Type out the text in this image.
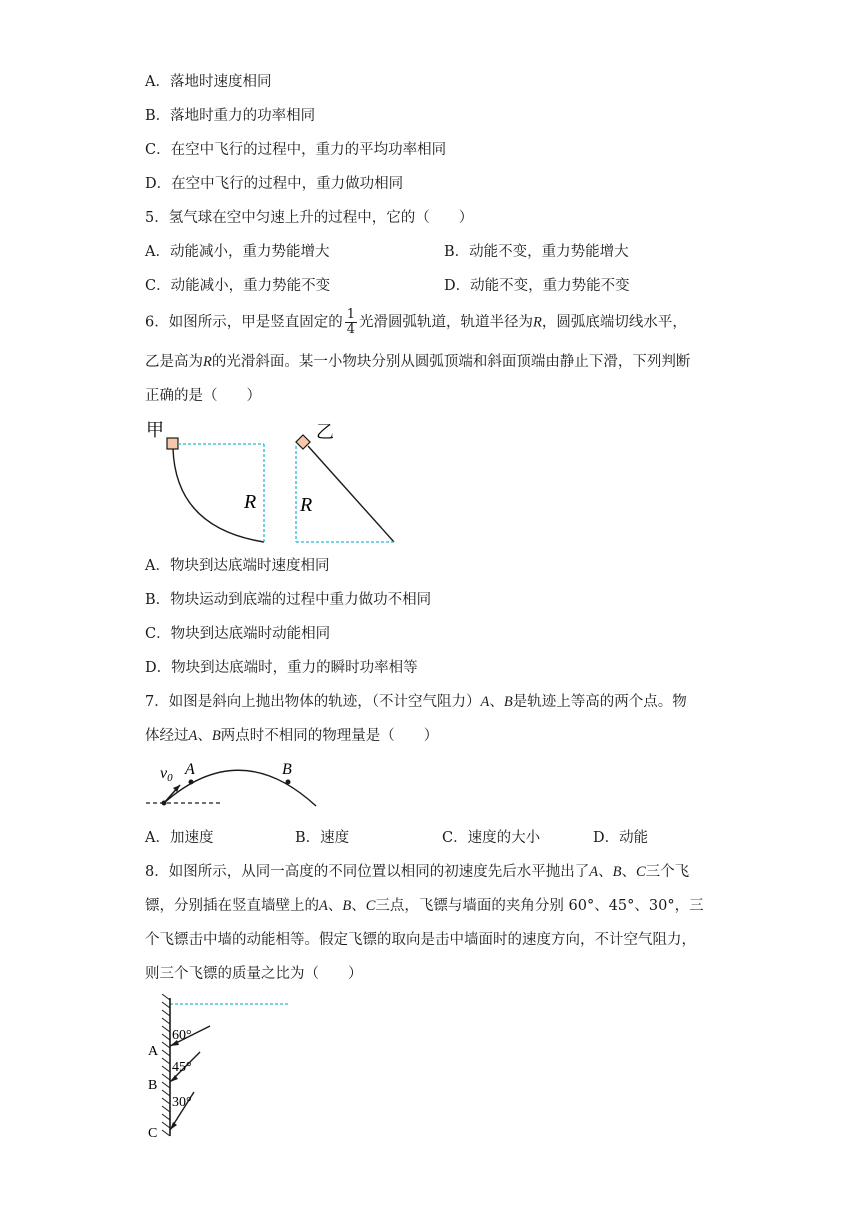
A．落地时速度相同
B．落地时重力的功率相同
C．在空中飞行的过程中，重力的平均功率相同
D．在空中飞行的过程中，重力做功相同
5．氢气球在空中匀速上升的过程中，它的（　　）
A．动能减小，重力势能增大	B．动能不变，重力势能增大
C．动能减小，重力势能不变	D．动能不变，重力势能不变
6．如图所示，甲是竖直固定的 $\frac{1}{4}$ 光滑圆弧轨道，轨道半径为R，圆弧底端切线水平，
乙是高为R的光滑斜面。某一小物块分别从圆弧顶端和斜面顶端由静止下滑，下列判断
正确的是（　　）
甲
R
乙
R
A．物块到达底端时速度相同
B．物块运动到底端的过程中重力做功不相同
C．物块到达底端时动能相同
D．物块到达底端时，重力的瞬时功率相等
7．如图是斜向上抛出物体的轨迹，（不计空气阻力）A、B是轨迹上等高的两个点。物
体经过A、B两点时不相同的物理量是（　　）
v0 A	B
A．加速度	B．速度	C．速度的大小	D．动能
8．如图所示，从同一高度的不同位置以相同的初速度先后水平抛出了A、B、C三个飞
镖，分别插在竖直墙壁上的A、B、C三点，飞镖与墙面的夹角分别 60°、45°、30°，三
个飞镖击中墙的动能相等。假定飞镖的取向是击中墙面时的速度方向，不计空气阻力，
则三个飞镖的质量之比为（　　）
60°
45°
30°
A
B
C
